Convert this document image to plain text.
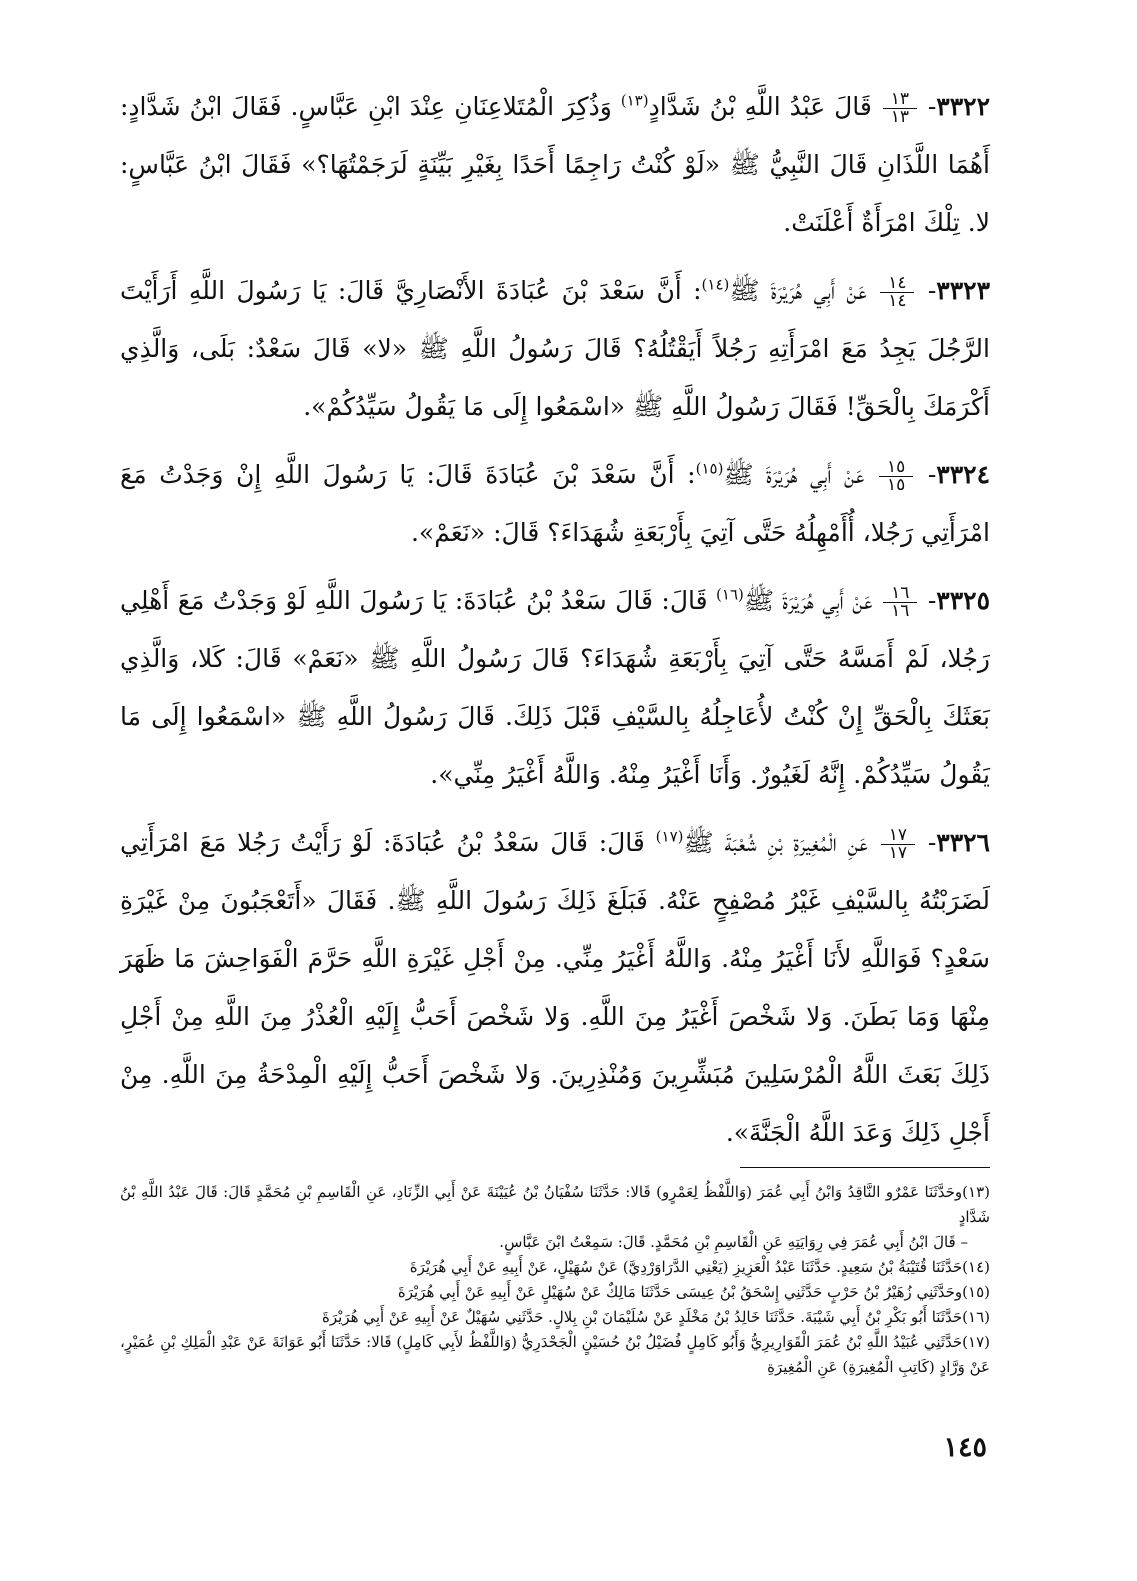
٣٣٢٢-
$\frac{١٣}{١٣}$
قَالَ عَبْدُ اللَّهِ بْنُ شَدَّادٍ$^{(١٣)}$ وَذُكِرَ الْمُتَلاعِنَانِ عِنْدَ ابْنِ عَبَّاسٍ. فَقَالَ ابْنُ شَدَّادٍ: أَهُمَا اللَّذَانِ قَالَ النَّبِيُّ ﷺ «لَوْ كُنْتُ رَاجِمًا أَحَدًا بِغَيْرِ بَيِّنَةٍ لَرَجَمْتُهَا؟» فَقَالَ ابْنُ عَبَّاسٍ: لا. تِلْكَ امْرَأَةٌ أَعْلَنَتْ.

٣٣٢٣-
$\frac{١٤}{١٤}$
عَنْ أَبِي هُرَيْرَةَ ﷺ$^{(١٤)}$: أَنَّ سَعْدَ بْنَ عُبَادَةَ الأَنْصَارِيَّ قَالَ: يَا رَسُولَ اللَّهِ أَرَأَيْتَ الرَّجُلَ يَجِدُ مَعَ امْرَأَتِهِ رَجُلاً أَيَقْتُلُهُ؟ قَالَ رَسُولُ اللَّهِ ﷺ «لا» قَالَ سَعْدٌ: بَلَى، وَالَّذِي أَكْرَمَكَ بِالْحَقِّ! فَقَالَ رَسُولُ اللَّهِ ﷺ «اسْمَعُوا إِلَى مَا يَقُولُ سَيِّدُكُمْ».

٣٣٢٤-
$\frac{١٥}{١٥}$
عَنْ أَبِي هُرَيْرَةَ ﷺ$^{(١٥)}$: أَنَّ سَعْدَ بْنَ عُبَادَةَ قَالَ: يَا رَسُولَ اللَّهِ إِنْ وَجَدْتُ مَعَ امْرَأَتِي رَجُلا، أُأَمْهِلُهُ حَتَّى آتِيَ بِأَرْبَعَةِ شُهَدَاءَ؟ قَالَ: «نَعَمْ».

٣٣٢٥-
$\frac{١٦}{١٦}$
عَنْ أَبِي هُرَيْرَةَ ﷺ$^{(١٦)}$ قَالَ: قَالَ سَعْدُ بْنُ عُبَادَةَ: يَا رَسُولَ اللَّهِ لَوْ وَجَدْتُ مَعَ أَهْلِي رَجُلا، لَمْ أَمَسَّهُ حَتَّى آتِيَ بِأَرْبَعَةِ شُهَدَاءَ؟ قَالَ رَسُولُ اللَّهِ ﷺ «نَعَمْ» قَالَ: كَلا، وَالَّذِي بَعَثَكَ بِالْحَقِّ إِنْ كُنْتُ لأُعَاجِلُهُ بِالسَّيْفِ قَبْلَ ذَلِكَ. قَالَ رَسُولُ اللَّهِ ﷺ «اسْمَعُوا إِلَى مَا يَقُولُ سَيِّدُكُمْ. إِنَّهُ لَغَيُورٌ. وَأَنَا أَغْيَرُ مِنْهُ. وَاللَّهُ أَغْيَرُ مِنِّي».

٣٣٢٦-
$\frac{١٧}{١٧}$
عَنِ الْمُغِيرَةِ بْنِ شُعْبَةَ ﷺ$^{(١٧)}$ قَالَ: قَالَ سَعْدُ بْنُ عُبَادَةَ: لَوْ رَأَيْتُ رَجُلا مَعَ امْرَأَتِي لَضَرَبْتُهُ بِالسَّيْفِ غَيْرُ مُصْفِحٍ عَنْهُ. فَبَلَغَ ذَلِكَ رَسُولَ اللَّهِ ﷺ. فَقَالَ «أَتَعْجَبُونَ مِنْ غَيْرَةِ سَعْدٍ؟ فَوَاللَّهِ لأَنَا أَغْيَرُ مِنْهُ. وَاللَّهُ أَغْيَرُ مِنِّي. مِنْ أَجْلِ غَيْرَةِ اللَّهِ حَرَّمَ الْفَوَاحِشَ مَا ظَهَرَ مِنْهَا وَمَا بَطَنَ. وَلا شَخْصَ أَغْيَرُ مِنَ اللَّهِ. وَلا شَخْصَ أَحَبُّ إِلَيْهِ الْعُذْرُ مِنَ اللَّهِ مِنْ أَجْلِ ذَلِكَ بَعَثَ اللَّهُ الْمُرْسَلِينَ مُبَشِّرِينَ وَمُنْذِرِينَ. وَلا شَخْصَ أَحَبُّ إِلَيْهِ الْمِدْحَةُ مِنَ اللَّهِ. مِنْ أَجْلِ ذَلِكَ وَعَدَ اللَّهُ الْجَنَّةَ».

(١٣)وحَدَّثَنَا عَمْرٌو النَّاقِدُ وَابْنُ أَبِي عُمَرَ (وَاللَّفْظُ لِعَمْرٍو) قَالا: حَدَّثَنَا سُفْيَانُ بْنُ عُيَيْنَةَ عَنْ أَبِي الزِّنَادِ، عَنِ الْقَاسِمِ بْنِ مُحَمَّدٍ قَالَ: قَالَ عَبْدُ اللَّهِ بْنُ شَدَّادٍ

– قَالَ ابْنُ أَبِي عُمَرَ فِي رِوَايَتِهِ عَنِ الْقَاسِمِ بْنِ مُحَمَّدٍ. قَالَ: سَمِعْتُ ابْنَ عَبَّاسٍ.

(١٤)حَدَّثَنَا قُتَيْبَةُ بْنُ سَعِيدٍ. حَدَّثَنَا عَبْدُ الْعَزِيزِ (يَعْنِي الدَّرَاوَرْدِيَّ) عَنْ سُهَيْلٍ، عَنْ أَبِيهِ عَنْ أَبِي هُرَيْرَةَ

(١٥)وحَدَّثَنِي زُهَيْرُ بْنُ حَرْبٍ حَدَّثَنِي إِسْحَقُ بْنُ عِيسَى حَدَّثَنَا مَالِكٌ عَنْ سُهَيْلٍ عَنْ أَبِيهِ عَنْ أَبِي هُرَيْرَةَ

(١٦)حَدَّثَنَا أَبُو بَكْرِ بْنُ أَبِي شَيْبَةَ. حَدَّثَنَا خَالِدُ بْنُ مَخْلَدٍ عَنْ سُلَيْمَانَ بْنِ بِلالٍ. حَدَّثَنِي سُهَيْلٌ عَنْ أَبِيهِ عَنْ أَبِي هُرَيْرَةَ

(١٧)حَدَّثَنِي عُبَيْدُ اللَّهِ بْنُ عُمَرَ الْقَوَارِيرِيُّ وَأَبُو كَامِلٍ فُضَيْلُ بْنُ حُسَيْنٍ الْجَحْدَرِيُّ (وَاللَّفْظُ لأَبِي كَامِلٍ) قَالا: حَدَّثَنَا أَبُو عَوَانَةَ عَنْ عَبْدِ الْمَلِكِ بْنِ عُمَيْرٍ، عَنْ وَرَّادٍ (كَاتِبِ الْمُغِيرَةِ) عَنِ الْمُغِيرَةِ

١٤٥
